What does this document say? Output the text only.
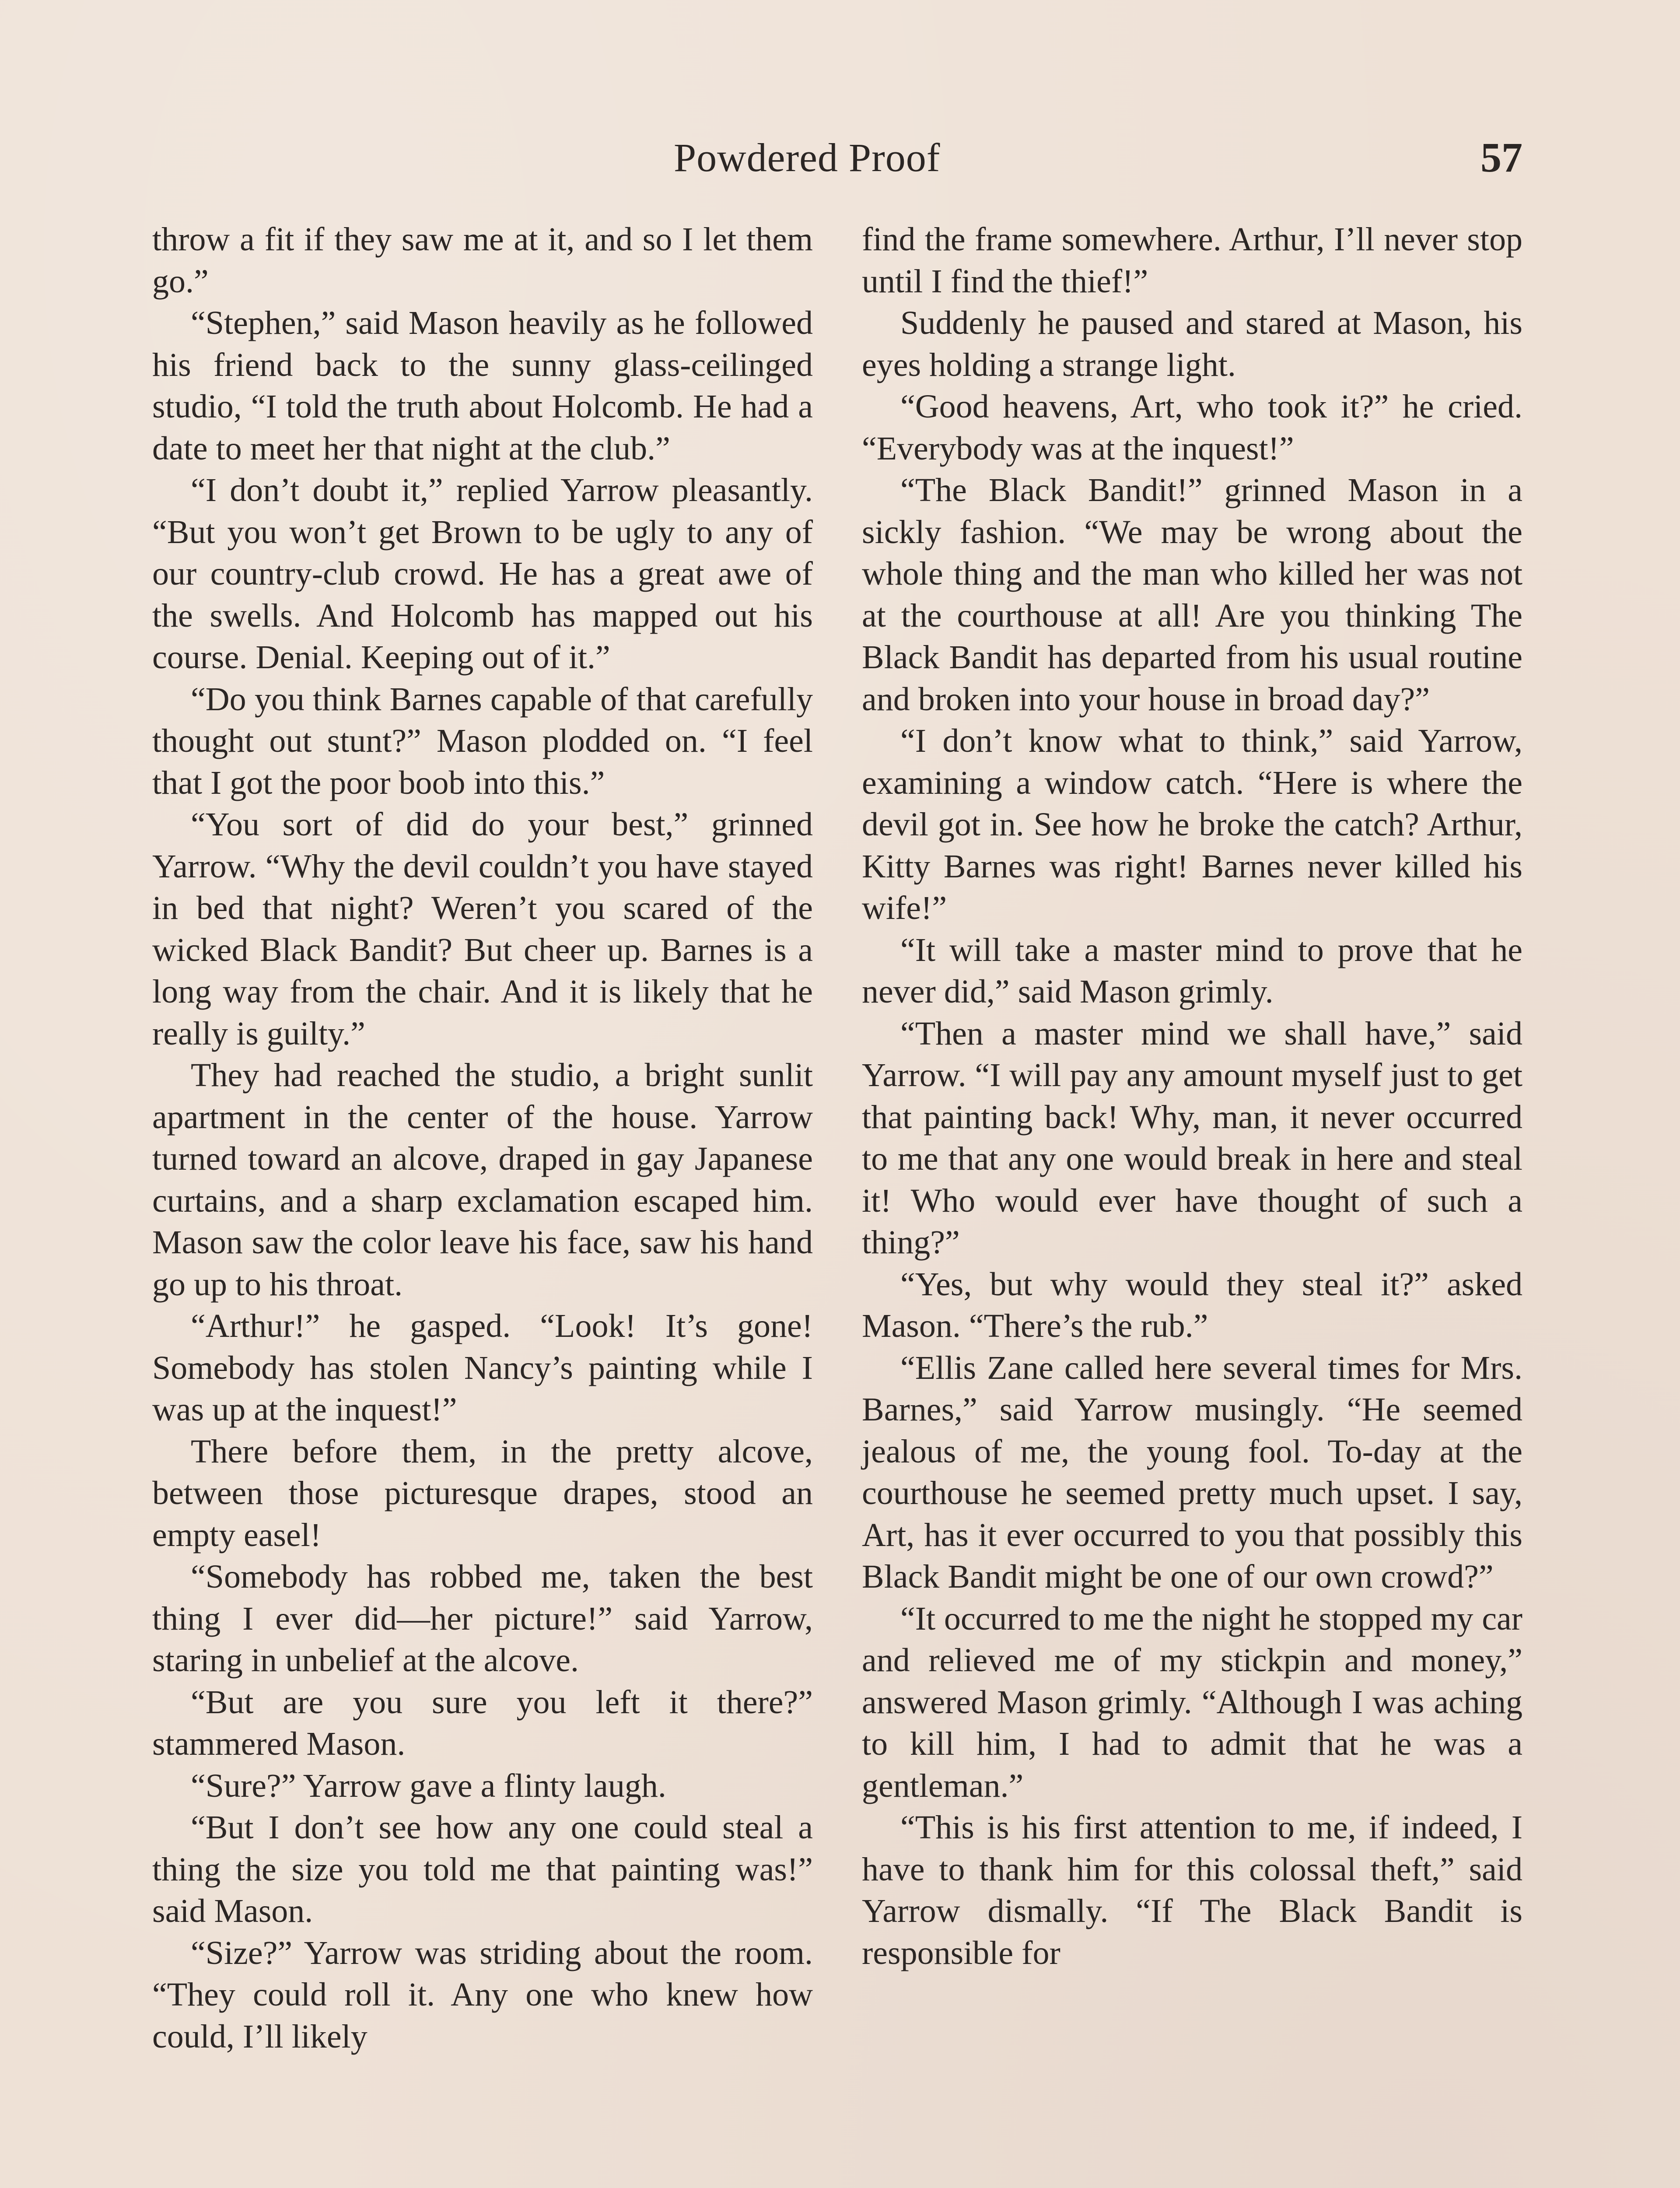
Powdered Proof	57

throw a fit if they saw me at it, and so I let them go.”

“Stephen,” said Mason heavily as he followed his friend back to the sunny glass-ceilinged studio, “I told the truth about Holcomb. He had a date to meet her that night at the club.”

“I don’t doubt it,” replied Yarrow pleasantly. “But you won’t get Brown to be ugly to any of our country-club crowd. He has a great awe of the swells. And Holcomb has mapped out his course. Denial. Keeping out of it.”

“Do you think Barnes capable of that carefully thought out stunt?” Mason plodded on. “I feel that I got the poor boob into this.”

“You sort of did do your best,” grinned Yarrow. “Why the devil couldn’t you have stayed in bed that night? Weren’t you scared of the wicked Black Bandit? But cheer up. Barnes is a long way from the chair. And it is likely that he really is guilty.”

They had reached the studio, a bright sunlit apartment in the center of the house. Yarrow turned toward an alcove, draped in gay Japanese curtains, and a sharp exclamation escaped him. Mason saw the color leave his face, saw his hand go up to his throat.

“Arthur!” he gasped. “Look! It’s gone! Somebody has stolen Nancy’s painting while I was up at the inquest!”

There before them, in the pretty alcove, between those picturesque drapes, stood an empty easel!

“Somebody has robbed me, taken the best thing I ever did—her picture!” said Yarrow, staring in unbelief at the alcove.

“But are you sure you left it there?” stammered Mason.

“Sure?” Yarrow gave a flinty laugh.

“But I don’t see how any one could steal a thing the size you told me that painting was!” said Mason.

“Size?” Yarrow was striding about the room. “They could roll it. Any one who knew how could, I’ll likely

find the frame somewhere. Arthur, I’ll never stop until I find the thief!”

Suddenly he paused and stared at Mason, his eyes holding a strange light.

“Good heavens, Art, who took it?” he cried. “Everybody was at the inquest!”

“The Black Bandit!” grinned Mason in a sickly fashion. “We may be wrong about the whole thing and the man who killed her was not at the courthouse at all! Are you thinking The Black Bandit has departed from his usual routine and broken into your house in broad day?”

“I don’t know what to think,” said Yarrow, examining a window catch. “Here is where the devil got in. See how he broke the catch? Arthur, Kitty Barnes was right! Barnes never killed his wife!”

“It will take a master mind to prove that he never did,” said Mason grimly.

“Then a master mind we shall have,” said Yarrow. “I will pay any amount myself just to get that painting back! Why, man, it never occurred to me that any one would break in here and steal it! Who would ever have thought of such a thing?”

“Yes, but why would they steal it?” asked Mason. “There’s the rub.”

“Ellis Zane called here several times for Mrs. Barnes,” said Yarrow musingly. “He seemed jealous of me, the young fool. To-day at the courthouse he seemed pretty much upset. I say, Art, has it ever occurred to you that possibly this Black Bandit might be one of our own crowd?”

“It occurred to me the night he stopped my car and relieved me of my stickpin and money,” answered Mason grimly. “Although I was aching to kill him, I had to admit that he was a gentleman.”

“This is his first attention to me, if indeed, I have to thank him for this colossal theft,” said Yarrow dismally. “If The Black Bandit is responsible for
